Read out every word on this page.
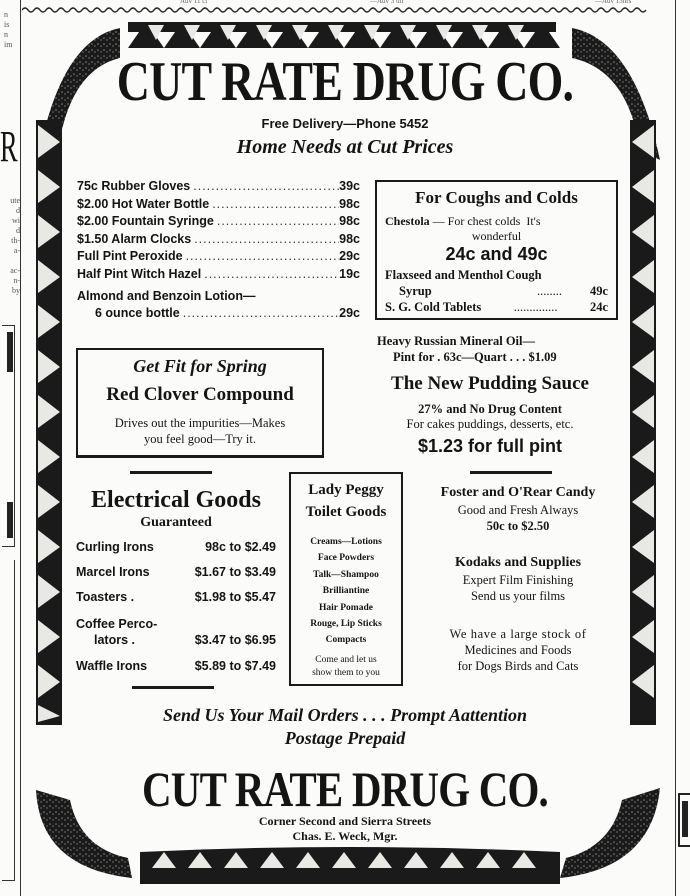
Adv 11 ct	—Adv 3 thr	—Adv 13nrs
R
n
is
n
im
ute
d
wi
d
th-
a-

ac-
n-
by
CUT RATE DRUG CO.
Free Delivery—Phone 5452
Home Needs at Cut Prices
75c Rubber Gloves .....	39c
$2.00 Hot Water Bottle .....	98c
$2.00 Fountain Syringe .....	98c
$1.50 Alarm Clocks .....	98c
Full Pint Peroxide .....	29c
Half Pint Witch Hazel .....	19c
Almond and Benzoin Lotion—
6 ounce bottle .....	29c
For Coughs and Colds
Chestola — For chest colds  It's
wonderful
24c and 49c
Flaxseed and Menthol Cough
Syrup	........ 49c
S. G. Cold Tablets	..............	24c
Heavy Russian Mineral Oil—
Pint for . 63c—Quart . . . $1.09
Get Fit for Spring
Red Clover Compound
Drives out the impurities—Makes
you feel good—Try it.
The New Pudding Sauce
27% and No Drug Content
For cakes puddings, desserts, etc.
$1.23 for full pint
Electrical Goods
Guaranteed
Curling Irons	98c to $2.49
Marcel Irons	$1.67 to $3.49
Toasters .	$1.98 to $5.47
Coffee Perco-
lators .	$3.47 to $6.95
Waffle Irons	$5.89 to $7.49
Lady Peggy
Toilet Goods
Creams—Lotions
Face Powders
Talk—Shampoo
Brilliantine
Hair Pomade
Rouge, Lip Sticks
Compacts
Come and let us
show them to you
Foster and O'Rear Candy
Good and Fresh Always
50c to $2.50
Kodaks and Supplies
Expert Film Finishing
Send us your films
We have a large stock of
Medicines and Foods
for Dogs Birds and Cats
Send Us Your Mail Orders . . . Prompt Aattention
Postage Prepaid
CUT RATE DRUG CO.
Corner Second and Sierra Streets
Chas. E. Weck, Mgr.
